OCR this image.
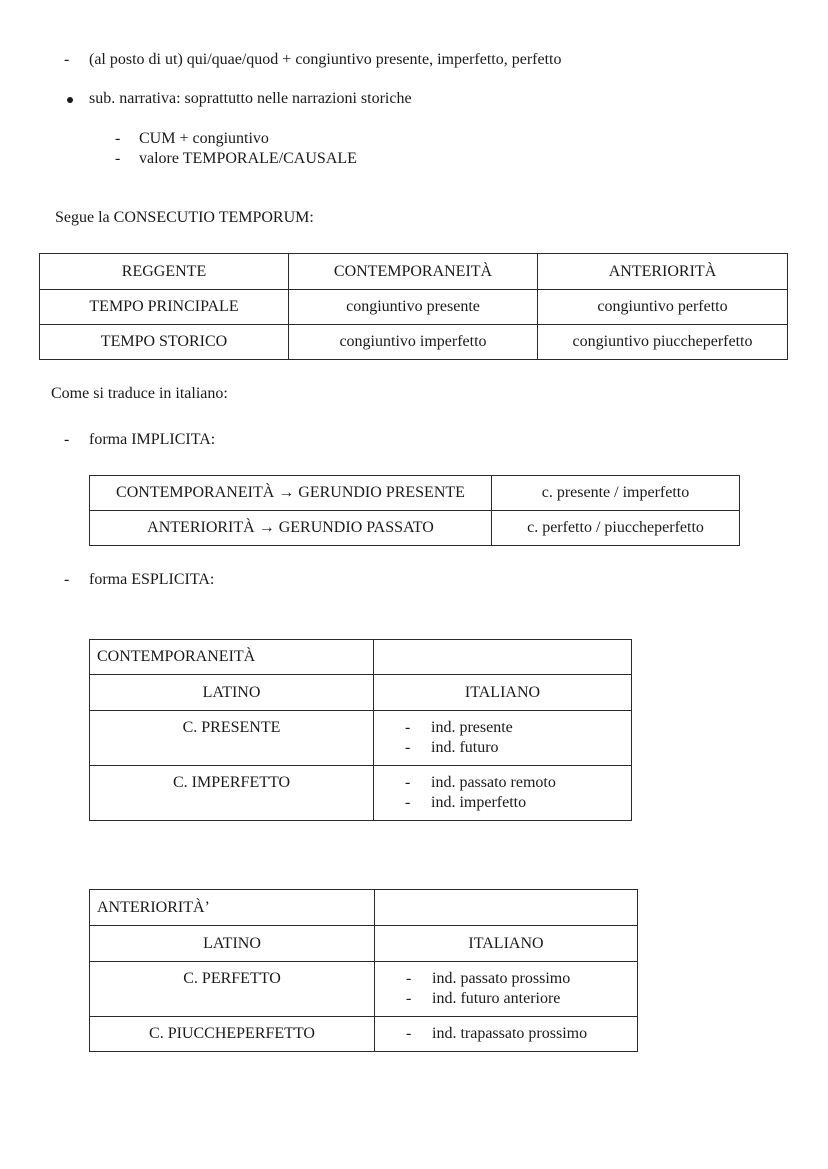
- (al posto di ut) qui/quae/quod + congiuntivo presente, imperfetto, perfetto
sub. narrativa: soprattutto nelle narrazioni storiche
- CUM + congiuntivo
- valore TEMPORALE/CAUSALE
Segue la CONSECUTIO TEMPORUM:
REGGENTE	CONTEMPORANEITÀ	ANTERIORITÀ
TEMPO PRINCIPALE	congiuntivo presente	congiuntivo perfetto
TEMPO STORICO	congiuntivo imperfetto	congiuntivo piuccheperfetto
Come si traduce in italiano:
- forma IMPLICITA:
CONTEMPORANEITÀ → GERUNDIO PRESENTE	c. presente / imperfetto
ANTERIORITÀ → GERUNDIO PASSATO	c. perfetto / piuccheperfetto
- forma ESPLICITA:
CONTEMPORANEITÀ	
LATINO	ITALIANO
C. PRESENTE	- ind. presente
- ind. futuro

C. IMPERFETTO	- ind. passato remoto
- ind. imperfetto
ANTERIORITÀ’	
LATINO	ITALIANO
C. PERFETTO	- ind. passato prossimo
- ind. futuro anteriore

C. PIUCCHEPERFETTO	- ind. trapassato prossimo
